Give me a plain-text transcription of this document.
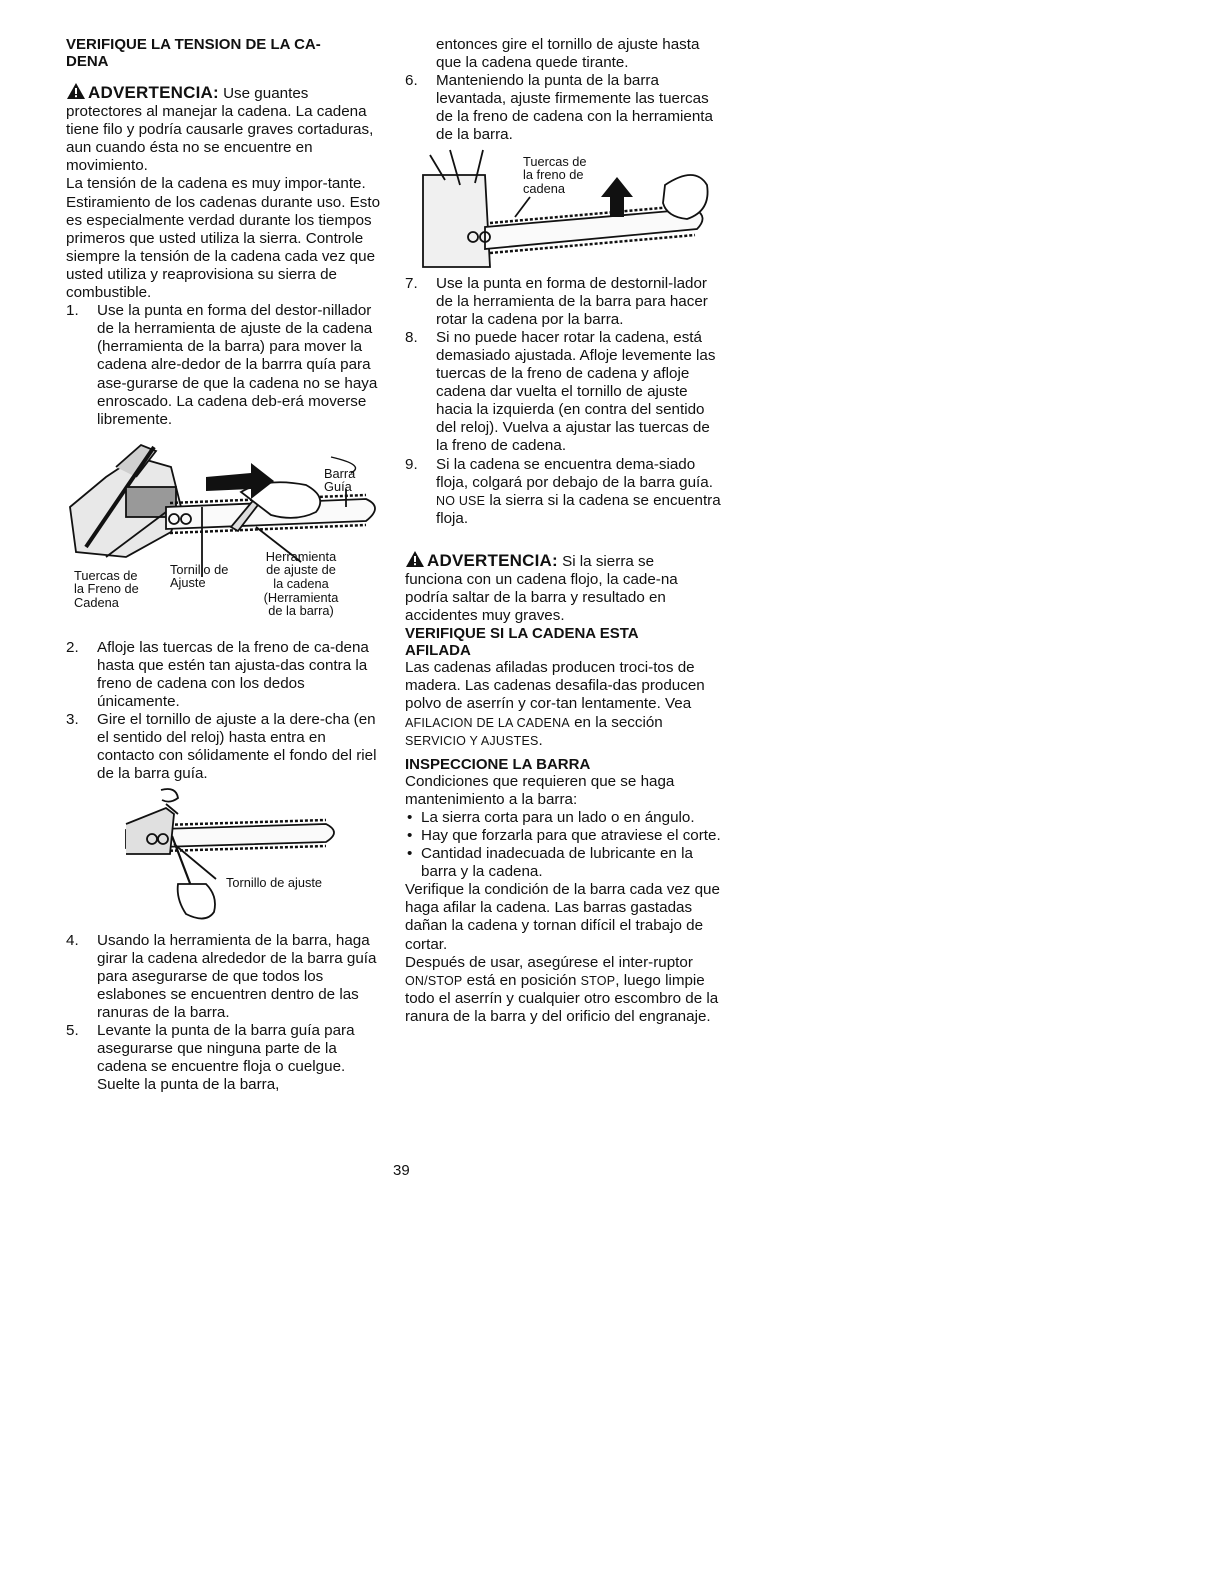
VERIFIQUE LA TENSION DE LA CA-
DENA

ADVERTENCIA: Use guantes
protectores al manejar la cadena. La cadena tiene filo y podría causarle graves cortaduras, aun cuando ésta no se encuentre en movimiento.

La tensión de la cadena es muy impor-tante. Estiramiento de los cadenas durante uso. Esto es especialmente verdad durante los tiempos primeros que usted utiliza la sierra. Controle siempre la tensión de la cadena cada vez que usted utiliza y reaprovisiona su sierra de combustible.

1.	Use la punta en forma del destor-nillador de la herramienta de ajuste de la cadena (herramienta de la barra) para mover la cadena alre-dedor de la barrra quía para ase-gurarse de que la cadena no se haya enroscado. La cadena deb-erá moverse libremente.
Barra
Guía
Herramienta
de ajuste de
la cadena
(Herramienta
de la barra)
Tuercas de
la Freno de
Cadena
Tornillo de
Ajuste
2.	Afloje las tuercas de la freno de ca-dena hasta que estén tan ajusta-das contra la freno de cadena con los dedos únicamente.
3.	Gire el tornillo de ajuste a la dere-cha (en el sentido del reloj) hasta entra en contacto con sólidamente el fondo del riel de la barra guía.
Tornillo de ajuste
4.	Usando la herramienta de la barra, haga girar la cadena alrededor de la barra guía para asegurarse de que todos los eslabones se encuentren dentro de las ranuras de la barra.
5.	Levante la punta de la barra guía para asegurarse que ninguna parte de la cadena se encuentre floja o cuelgue. Suelte la punta de la barra,

entonces gire el tornillo de ajuste hasta que la cadena quede tirante.

6.	Manteniendo la punta de la barra levantada, ajuste firmemente las tuercas de la freno de cadena con la herramienta de la barra.
Tuercas de
la freno de
cadena
7.	Use la punta en forma de destornil-lador de la herramienta de la barra para hacer rotar la cadena por la barra.
8.	Si no puede hacer rotar la cadena, está demasiado ajustada. Afloje levemente las tuercas de la freno de cadena y afloje cadena dar vuelta el tornillo de ajuste hacia la izquierda (en contra del sentido del reloj). Vuelva a ajustar las tuercas de la freno de cadena.
9.	Si la cadena se encuentra dema-siado floja, colgará por debajo de la barra guía. NO USE la sierra si la cadena se encuentra floja.

ADVERTENCIA: Si la sierra se
funciona con un cadena flojo, la cade-na podría saltar de la barra y resultado en accidentes muy graves.

VERIFIQUE SI LA CADENA ESTA
AFILADA

Las cadenas afiladas producen troci-tos de madera. Las cadenas desafila-das producen polvo de aserrín y cor-tan lentamente. Vea AFILACION DE LA CADENA en la sección SERVICIO Y AJUSTES.

INSPECCIONE LA BARRA

Condiciones que requieren que se haga mantenimiento a la barra:

• La sierra corta para un lado o en ángulo.
• Hay que forzarla para que atraviese el corte.
• Cantidad inadecuada de lubricante en la barra y la cadena.

Verifique la condición de la barra cada vez que haga afilar la cadena. Las barras gastadas dañan la cadena y tornan difícil el trabajo de cortar.

Después de usar, asegúrese el inter-ruptor ON/STOP está en posición STOP, luego limpie todo el aserrín y cualquier otro escombro de la ranura de la barra y del orificio del engranaje.

39
